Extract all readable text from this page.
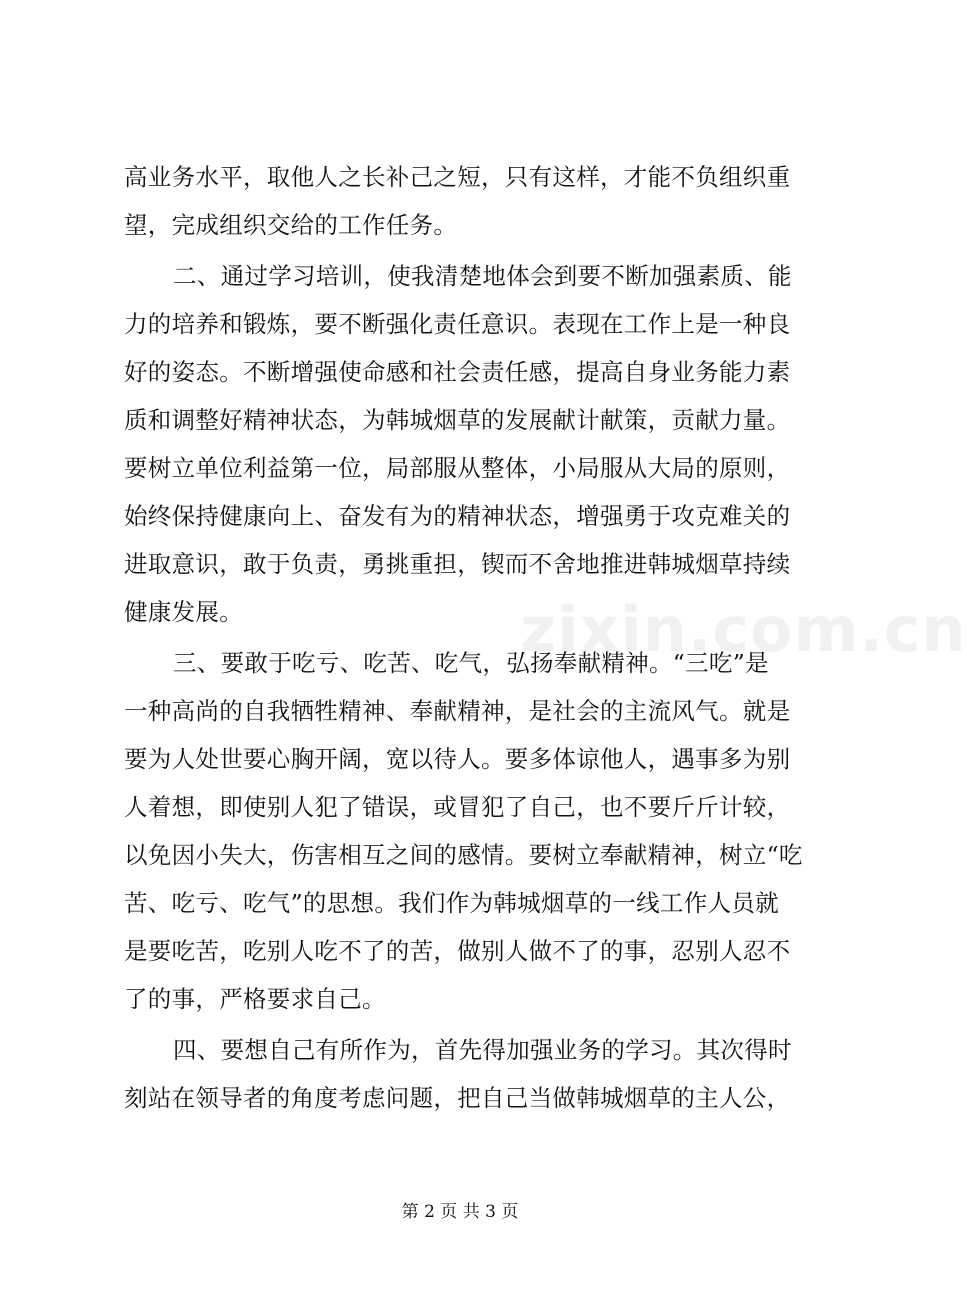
zixin.com.cn
高业务水平，取他人之长补己之短，只有这样，才能不负组织重
望，完成组织交给的工作任务。
二、通过学习培训，使我清楚地体会到要不断加强素质、能
力的培养和锻炼，要不断强化责任意识。表现在工作上是一种良
好的姿态。不断增强使命感和社会责任感，提高自身业务能力素
质和调整好精神状态，为韩城烟草的发展献计献策，贡献力量。
要树立单位利益第一位，局部服从整体，小局服从大局的原则，
始终保持健康向上、奋发有为的精神状态，增强勇于攻克难关的
进取意识，敢于负责，勇挑重担，锲而不舍地推进韩城烟草持续
健康发展。
三、要敢于吃亏、吃苦、吃气，弘扬奉献精神。“三吃”是
一种高尚的自我牺牲精神、奉献精神，是社会的主流风气。就是
要为人处世要心胸开阔，宽以待人。要多体谅他人，遇事多为别
人着想，即使别人犯了错误，或冒犯了自己，也不要斤斤计较，
以免因小失大，伤害相互之间的感情。要树立奉献精神，树立“吃
苦、吃亏、吃气”的思想。我们作为韩城烟草的一线工作人员就
是要吃苦，吃别人吃不了的苦，做别人做不了的事，忍别人忍不
了的事，严格要求自己。
四、要想自己有所作为，首先得加强业务的学习。其次得时
刻站在领导者的角度考虑问题，把自己当做韩城烟草的主人公，
第 2 页 共 3 页
